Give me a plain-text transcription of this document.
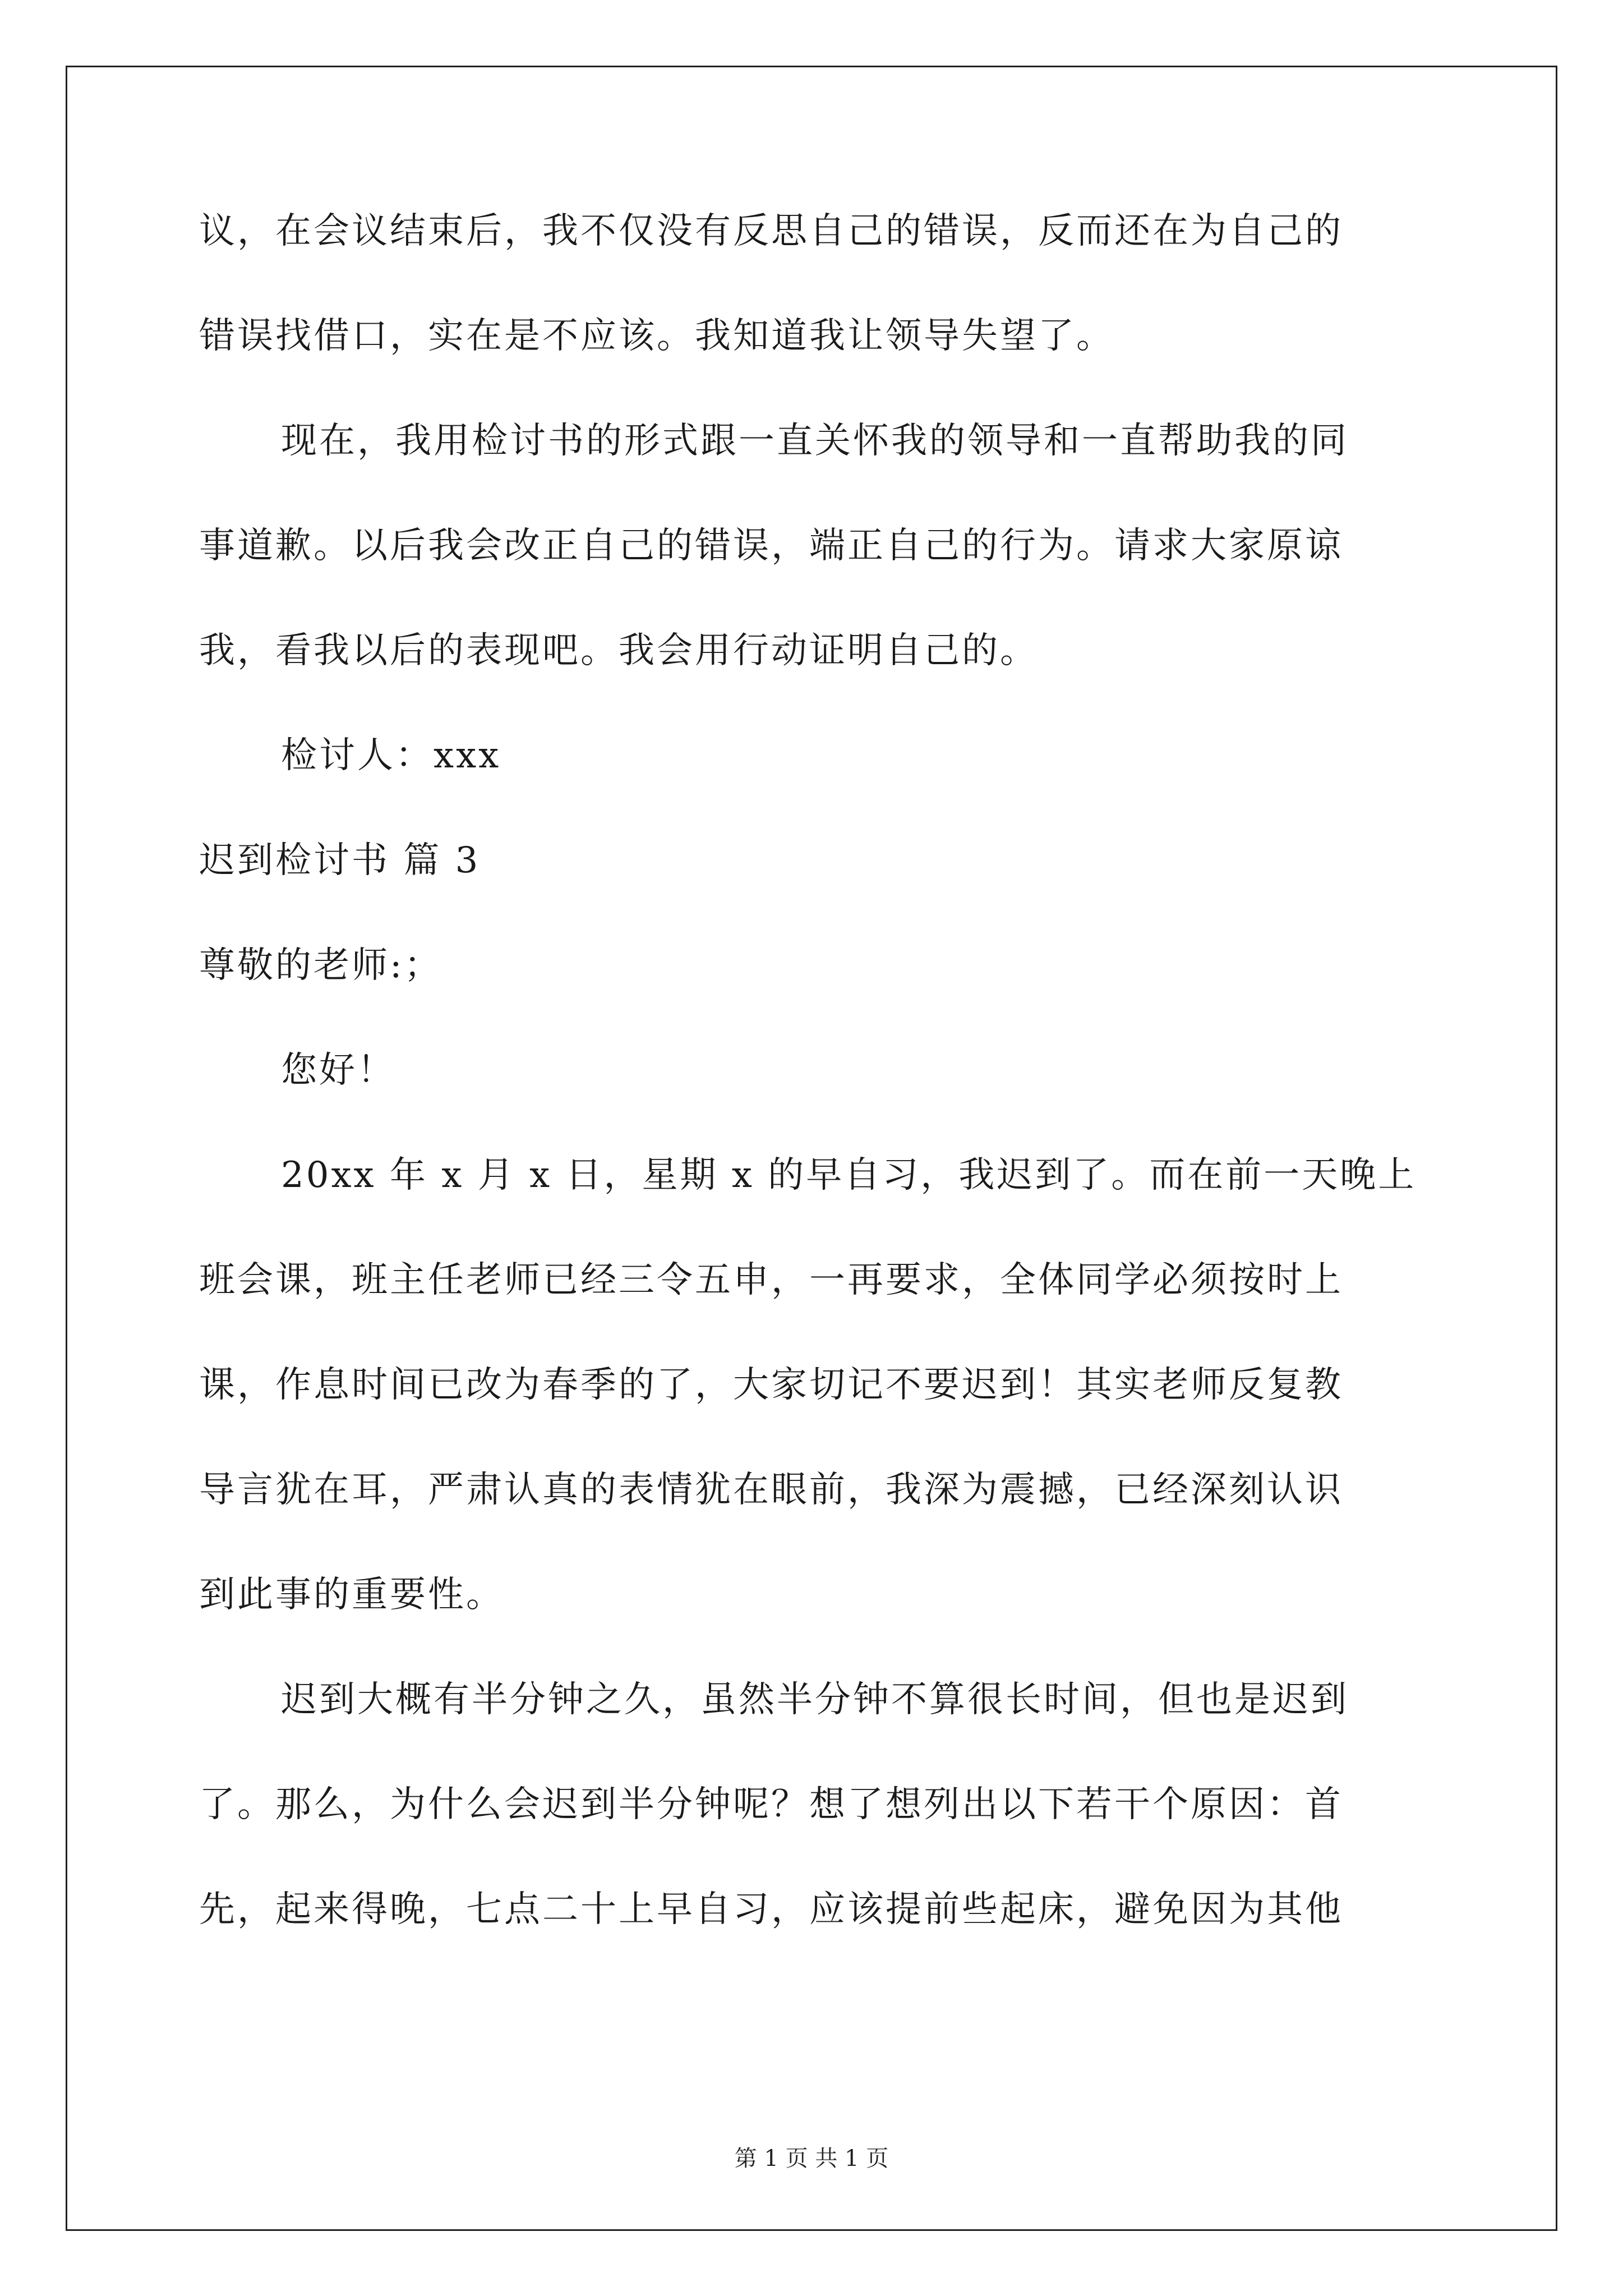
议，在会议结束后，我不仅没有反思自己的错误，反而还在为自己的
错误找借口，实在是不应该。我知道我让领导失望了。
现在，我用检讨书的形式跟一直关怀我的领导和一直帮助我的同
事道歉。以后我会改正自己的错误，端正自己的行为。请求大家原谅
我，看我以后的表现吧。我会用行动证明自己的。
检讨人：xxx
迟到检讨书 篇 3
尊敬的老师:；
您好！
20xx 年 x 月 x 日，星期 x 的早自习，我迟到了。而在前一天晚上
班会课，班主任老师已经三令五申，一再要求，全体同学必须按时上
课，作息时间已改为春季的了，大家切记不要迟到！其实老师反复教
导言犹在耳，严肃认真的表情犹在眼前，我深为震撼，已经深刻认识
到此事的重要性。
迟到大概有半分钟之久，虽然半分钟不算很长时间，但也是迟到
了。那么，为什么会迟到半分钟呢？想了想列出以下若干个原因：首
先，起来得晚，七点二十上早自习，应该提前些起床，避免因为其他
第 1 页 共 1 页
